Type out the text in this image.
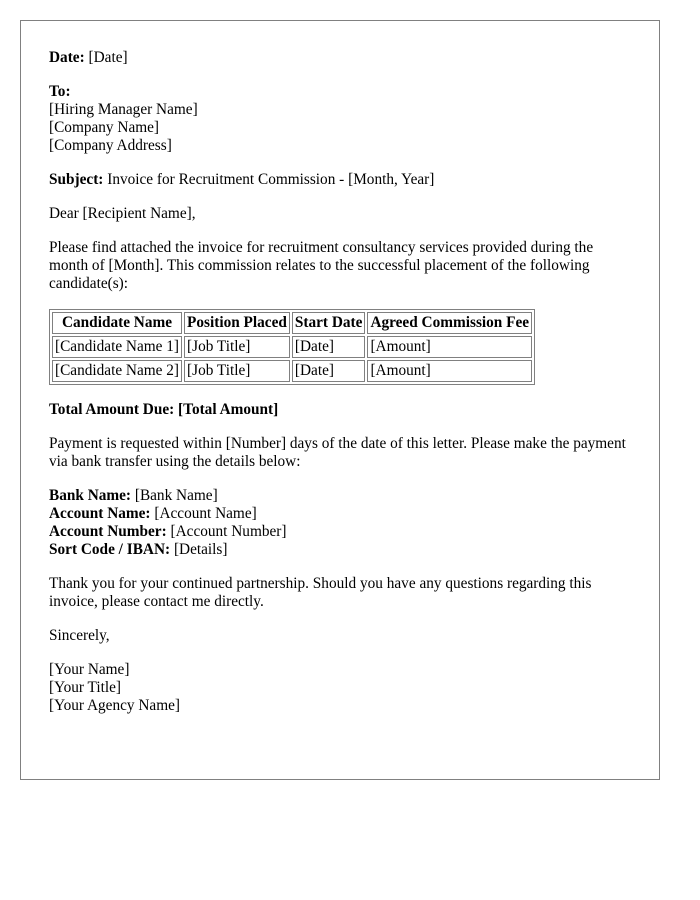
Date: [Date]
To:
[Hiring Manager Name]
[Company Name]
[Company Address]
Subject: Invoice for Recruitment Commission - [Month, Year]
Dear [Recipient Name],

Please find attached the invoice for recruitment consultancy services provided during the month of [Month]. This commission relates to the successful placement of the following candidate(s):

Candidate Name	Position Placed	Start Date	Agreed Commission Fee
[Candidate Name 1]	[Job Title]	[Date]	[Amount]
[Candidate Name 2]	[Job Title]	[Date]	[Amount]
Total Amount Due: [Total Amount]

Payment is requested within [Number] days of the date of this letter. Please make the payment via bank transfer using the details below:

Bank Name: [Bank Name]
Account Name: [Account Name]
Account Number: [Account Number]
Sort Code / IBAN: [Details]

Thank you for your continued partnership. Should you have any questions regarding this invoice, please contact me directly.

Sincerely,
[Your Name]
[Your Title]
[Your Agency Name]
